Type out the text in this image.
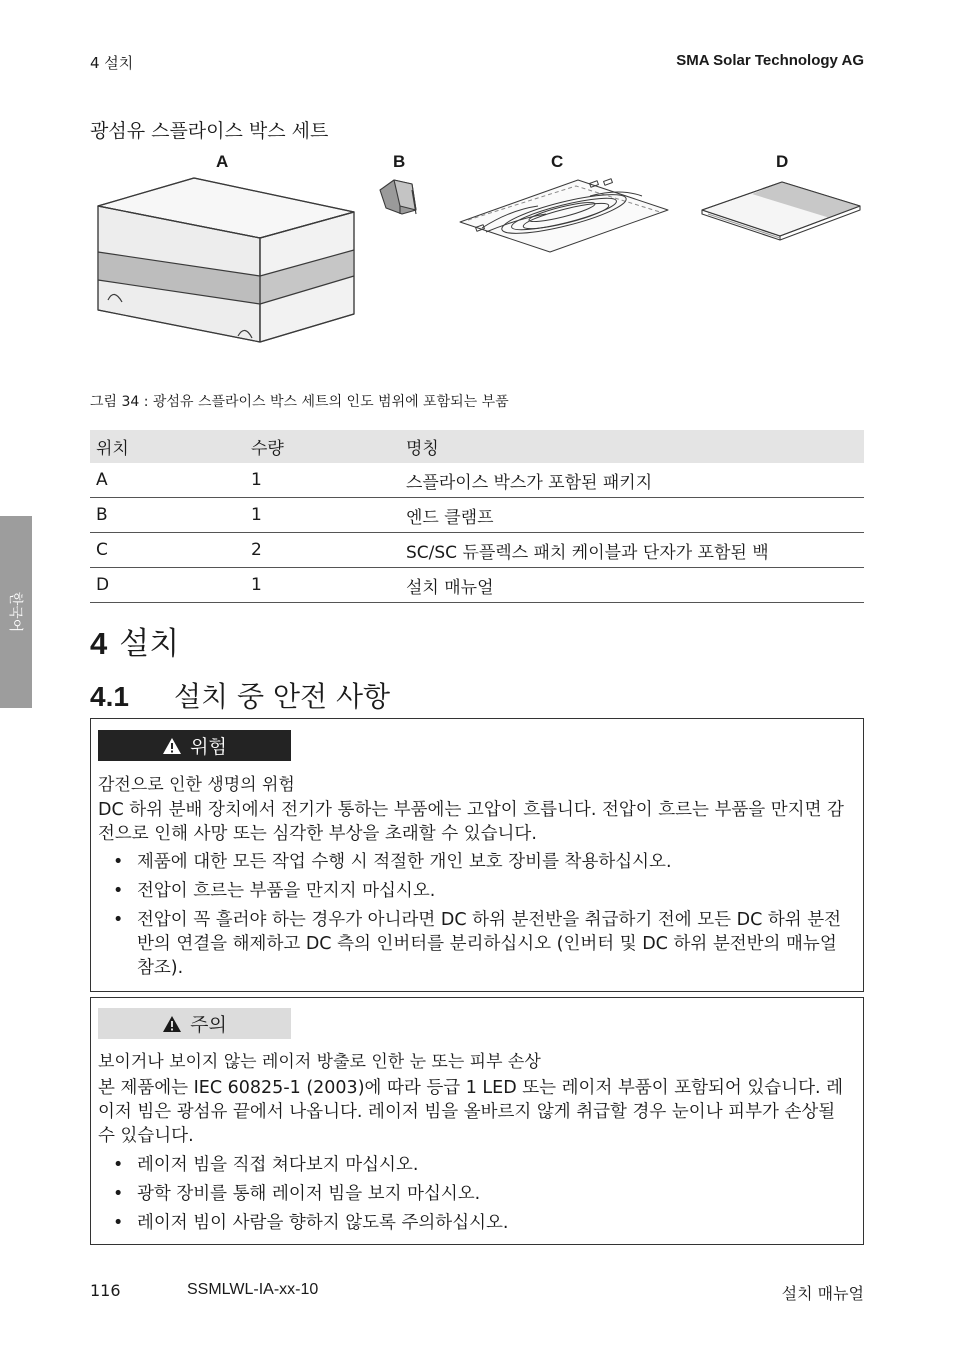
4 설치	SMA Solar Technology AG
한국어
광섬유 스플라이스 박스 세트
A	B	C	D
그림 34 : 광섬유 스플라이스 박스 세트의 인도 범위에 포함되는 부품
위치	수량	명칭
A	1	스플라이스 박스가 포함된 패키지
B	1	엔드 클램프
C	2	SC/SC 듀플렉스 패치 케이블과 단자가 포함된 백
D	1	설치 매뉴얼
4 설치
4.1 설치 중 안전 사항
위험
감전으로 인한 생명의 위험
DC 하위 분배 장치에서 전기가 통하는 부품에는 고압이 흐릅니다. 전압이 흐르는 부품을 만지면 감전으로 인해 사망 또는 심각한 부상을 초래할 수 있습니다.
• 제품에 대한 모든 작업 수행 시 적절한 개인 보호 장비를 착용하십시오.
• 전압이 흐르는 부품을 만지지 마십시오.
• 전압이 꼭 흘러야 하는 경우가 아니라면 DC 하위 분전반을 취급하기 전에 모든 DC 하위 분전반의 연결을 해제하고 DC 측의 인버터를 분리하십시오 (인버터 및 DC 하위 분전반의 매뉴얼 참조).
주의
보이거나 보이지 않는 레이저 방출로 인한 눈 또는 피부 손상
본 제품에는 IEC 60825-1 (2003)에 따라 등급 1 LED 또는 레이저 부품이 포함되어 있습니다. 레이저 빔은 광섬유 끝에서 나옵니다. 레이저 빔을 올바르지 않게 취급할 경우 눈이나 피부가 손상될 수 있습니다.
• 레이저 빔을 직접 쳐다보지 마십시오.
• 광학 장비를 통해 레이저 빔을 보지 마십시오.
• 레이저 빔이 사람을 향하지 않도록 주의하십시오.
116	SSMLWL-IA-xx-10	설치 매뉴얼
